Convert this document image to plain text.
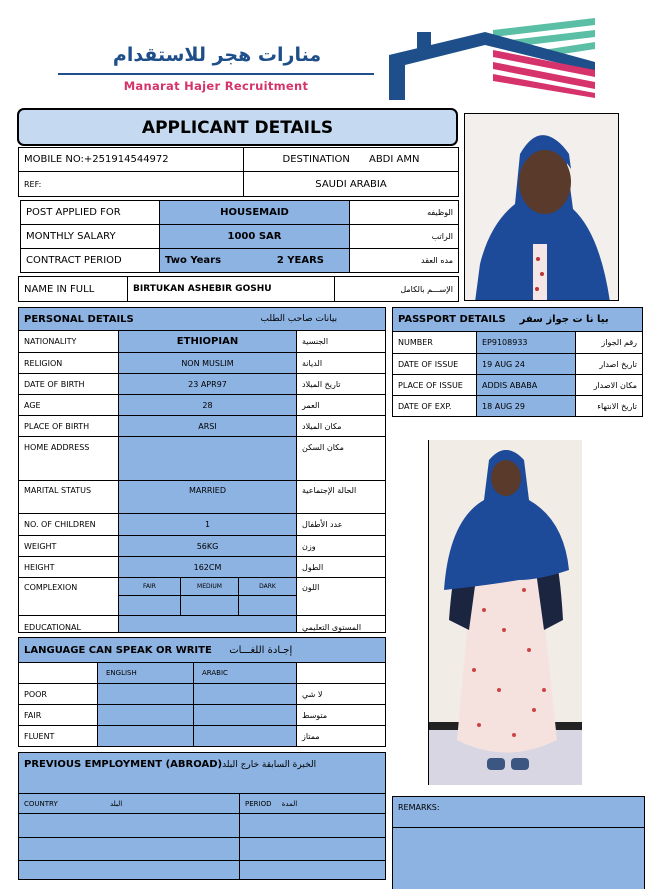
منارات هجر للاستقدام
Manarat Hajer Recruitment
APPLICANT DETAILS
MOBILE NO:+251914544972	DESTINATION ABDI AMN
REF:	SAUDI ARABIA
POST APPLIED FOR	HOUSEMAID	الوظيفه
MONTHLY SALARY	1000 SAR	الراتب
CONTRACT PERIOD	Two Years 2 YEARS	مده العقد
NAME IN FULL	BIRTUKAN ASHEBIR GOSHU	الإســـم بالكامل
PERSONAL DETAILS		بيانات صاحب الطلب		
NATIONALITY	ETHIOPIAN			الجنسية
RELIGION	NON MUSLIM			الديانة
DATE OF BIRTH	23 APR97			تاريخ الميلاد
AGE	28			العمر
PLACE OF BIRTH	ARSI			مكان الميلاد
HOME ADDRESS				مكان السكن
MARITAL STATUS	MARRIED			الحالة الإجتماعية
NO. OF CHILDREN	1			عدد الأطفال
WEIGHT	56KG			وزن
HEIGHT	162CM			الطول
COMPLEXION	FAIR	MEDIUM	DARK	اللون

EDUCATIONAL				المستوى التعليمي
LANGUAGE CAN SPEAK OR WRITE إجـادة اللغـــات			
	ENGLISH	ARABIC	
POOR			لا شي
FAIR			متوسط
FLUENT			ممتاز
PREVIOUS EMPLOYMENT (ABROAD)الخبرة السابقة خارج البلد	
COUNTRY البلد	PERIOD المدة

PASSPORT DETAILS بيا نا ت جواز سفر		
NUMBER	EP9108933	رقم الجواز
DATE OF ISSUE	19 AUG 24	تاريخ اصدار
PLACE OF ISSUE	ADDIS ABABA	مكان الاصدار
DATE OF EXP.	18 AUG 29	تاريخ الانتهاء
REMARKS:
